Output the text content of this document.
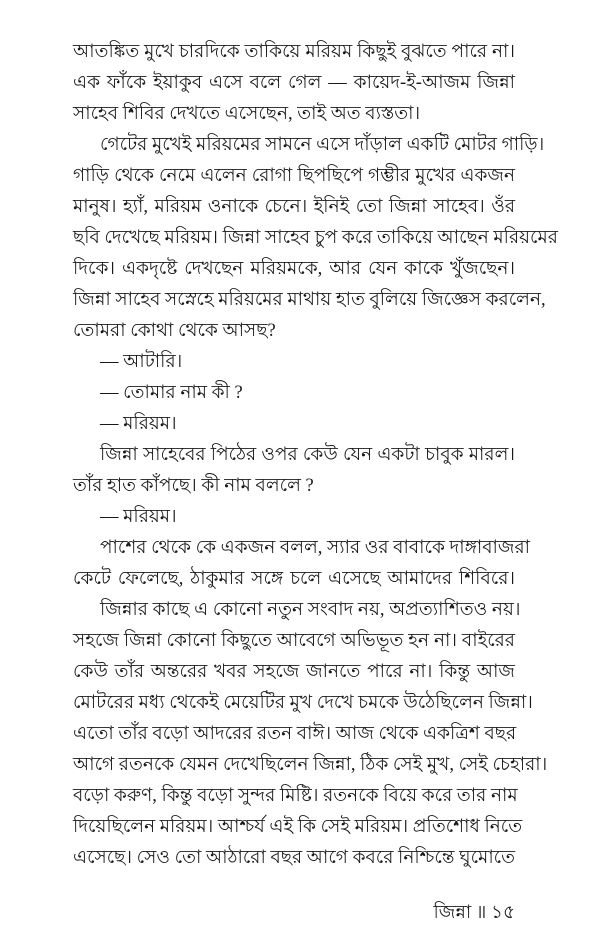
আতঙ্কিত মুখে চারদিকে তাকিয়ে মরিয়ম কিছুই বুঝতে পারে না।
এক ফাঁকে ইয়াকুব এসে বলে গেল — কায়েদ-ই-আজম জিন্না
সাহেব শিবির দেখতে এসেছেন, তাই অত ব্যস্ততা।
গেটের মুখেই মরিয়মের সামনে এসে দাঁড়াল একটি মোটর গাড়ি।
গাড়ি থেকে নেমে এলেন রোগা ছিপছিপে গম্ভীর মুখের একজন
মানুষ। হ্যাঁ, মরিয়ম ওনাকে চেনে। ইনিই তো জিন্না সাহেব। ওঁর
ছবি দেখেছে মরিয়ম। জিন্না সাহেব চুপ করে তাকিয়ে আছেন মরিয়মের
দিকে। একদৃষ্টে দেখছেন মরিয়মকে, আর যেন কাকে খুঁজছেন।
জিন্না সাহেব সস্নেহে মরিয়মের মাথায় হাত বুলিয়ে জিজ্ঞেস করলেন,
তোমরা কোথা থেকে আসছ?
— আটারি।
— তোমার নাম কী ?
— মরিয়ম।
জিন্না সাহেবের পিঠের ওপর কেউ যেন একটা চাবুক মারল।
তাঁর হাত কাঁপছে। কী নাম বললে ?
— মরিয়ম।
পাশের থেকে কে একজন বলল, স্যার ওর বাবাকে দাঙ্গাবাজরা
কেটে ফেলেছে, ঠাকুমার সঙ্গে চলে এসেছে আমাদের শিবিরে।
জিন্নার কাছে এ কোনো নতুন সংবাদ নয়, অপ্রত্যাশিতও নয়।
সহজে জিন্না কোনো কিছুতে আবেগে অভিভূত হন না। বাইরের
কেউ তাঁর অন্তরের খবর সহজে জানতে পারে না। কিন্তু আজ
মোটরের মধ্য থেকেই মেয়েটির মুখ দেখে চমকে উঠেছিলেন জিন্না।
এতো তাঁর বড়ো আদরের রতন বাঈ। আজ থেকে একত্রিশ বছর
আগে রতনকে যেমন দেখেছিলেন জিন্না, ঠিক সেই মুখ, সেই চেহারা।
বড়ো করুণ, কিন্তু বড়ো সুন্দর মিষ্টি। রতনকে বিয়ে করে তার নাম
দিয়েছিলেন মরিয়ম। আশ্চর্য এই কি সেই মরিয়ম। প্রতিশোধ নিতে
এসেছে। সেও তো আঠারো বছর আগে কবরে নিশ্চিন্তে ঘুমোতে
জিন্না ॥ ১৫
